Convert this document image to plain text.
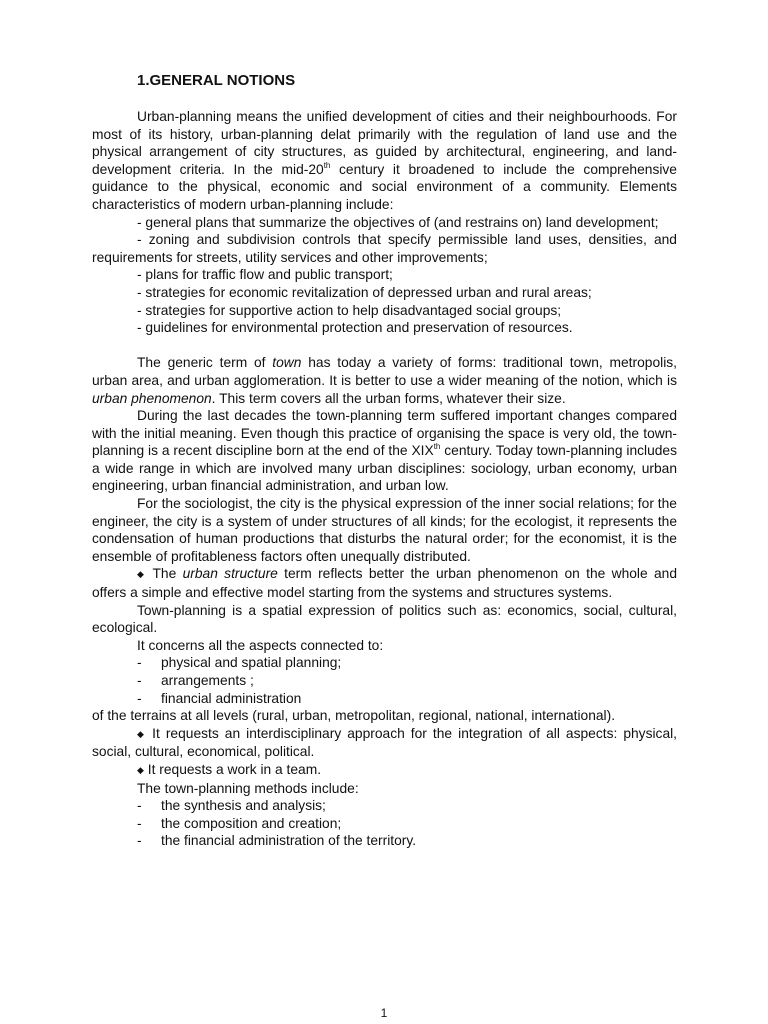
1.GENERAL NOTIONS

Urban-planning means the unified development of cities and their neighbourhoods. For most of its history, urban-planning delat primarily with the regulation of land use and the physical arrangement of city structures, as guided by architectural, engineering, and land-development criteria. In the mid-20th century it broadened to include the comprehensive guidance to the physical, economic and social environment of a community. Elements characteristics of modern urban-planning include:

- general plans that summarize the objectives of (and restrains on) land development;

- zoning and subdivision controls that specify permissible land uses, densities, and requirements for streets, utility services and other improvements;

- plans for traffic flow and public transport;

- strategies for economic revitalization of depressed urban and rural areas;

- strategies for supportive action to help disadvantaged social groups;

- guidelines for environmental protection and preservation of resources.

The generic term of town has today a variety of forms: traditional town, metropolis, urban area, and urban agglomeration. It is better to use a wider meaning of the notion, which is urban phenomenon. This term covers all the urban forms, whatever their size.

During the last decades the town-planning term suffered important changes compared with the initial meaning. Even though this practice of organising the space is very old, the town-planning is a recent discipline born at the end of the XIXth century. Today town-planning includes a wide range in which are involved many urban disciplines: sociology, urban economy, urban engineering, urban financial administration, and urban low.

For the sociologist, the city is the physical expression of the inner social relations; for the engineer, the city is a system of under structures of all kinds; for the ecologist, it represents the condensation of human productions that disturbs the natural order; for the economist, it is the ensemble of profitableness factors often unequally distributed.

◆ The urban structure term reflects better the urban phenomenon on the whole and offers a simple and effective model starting from the systems and structures systems.

Town-planning is a spatial expression of politics such as: economics, social, cultural, ecological.

It concerns all the aspects connected to:

-	physical and spatial planning;
-	arrangements ;
-	financial administration

of the terrains at all levels (rural, urban, metropolitan, regional, national, international).

◆ It requests an interdisciplinary approach for the integration of all aspects: physical, social, cultural, economical, political.

◆ It requests a work in a team.

The town-planning methods include:

-	the synthesis and analysis;
-	the composition and creation;
-	the financial administration of the territory.
1
